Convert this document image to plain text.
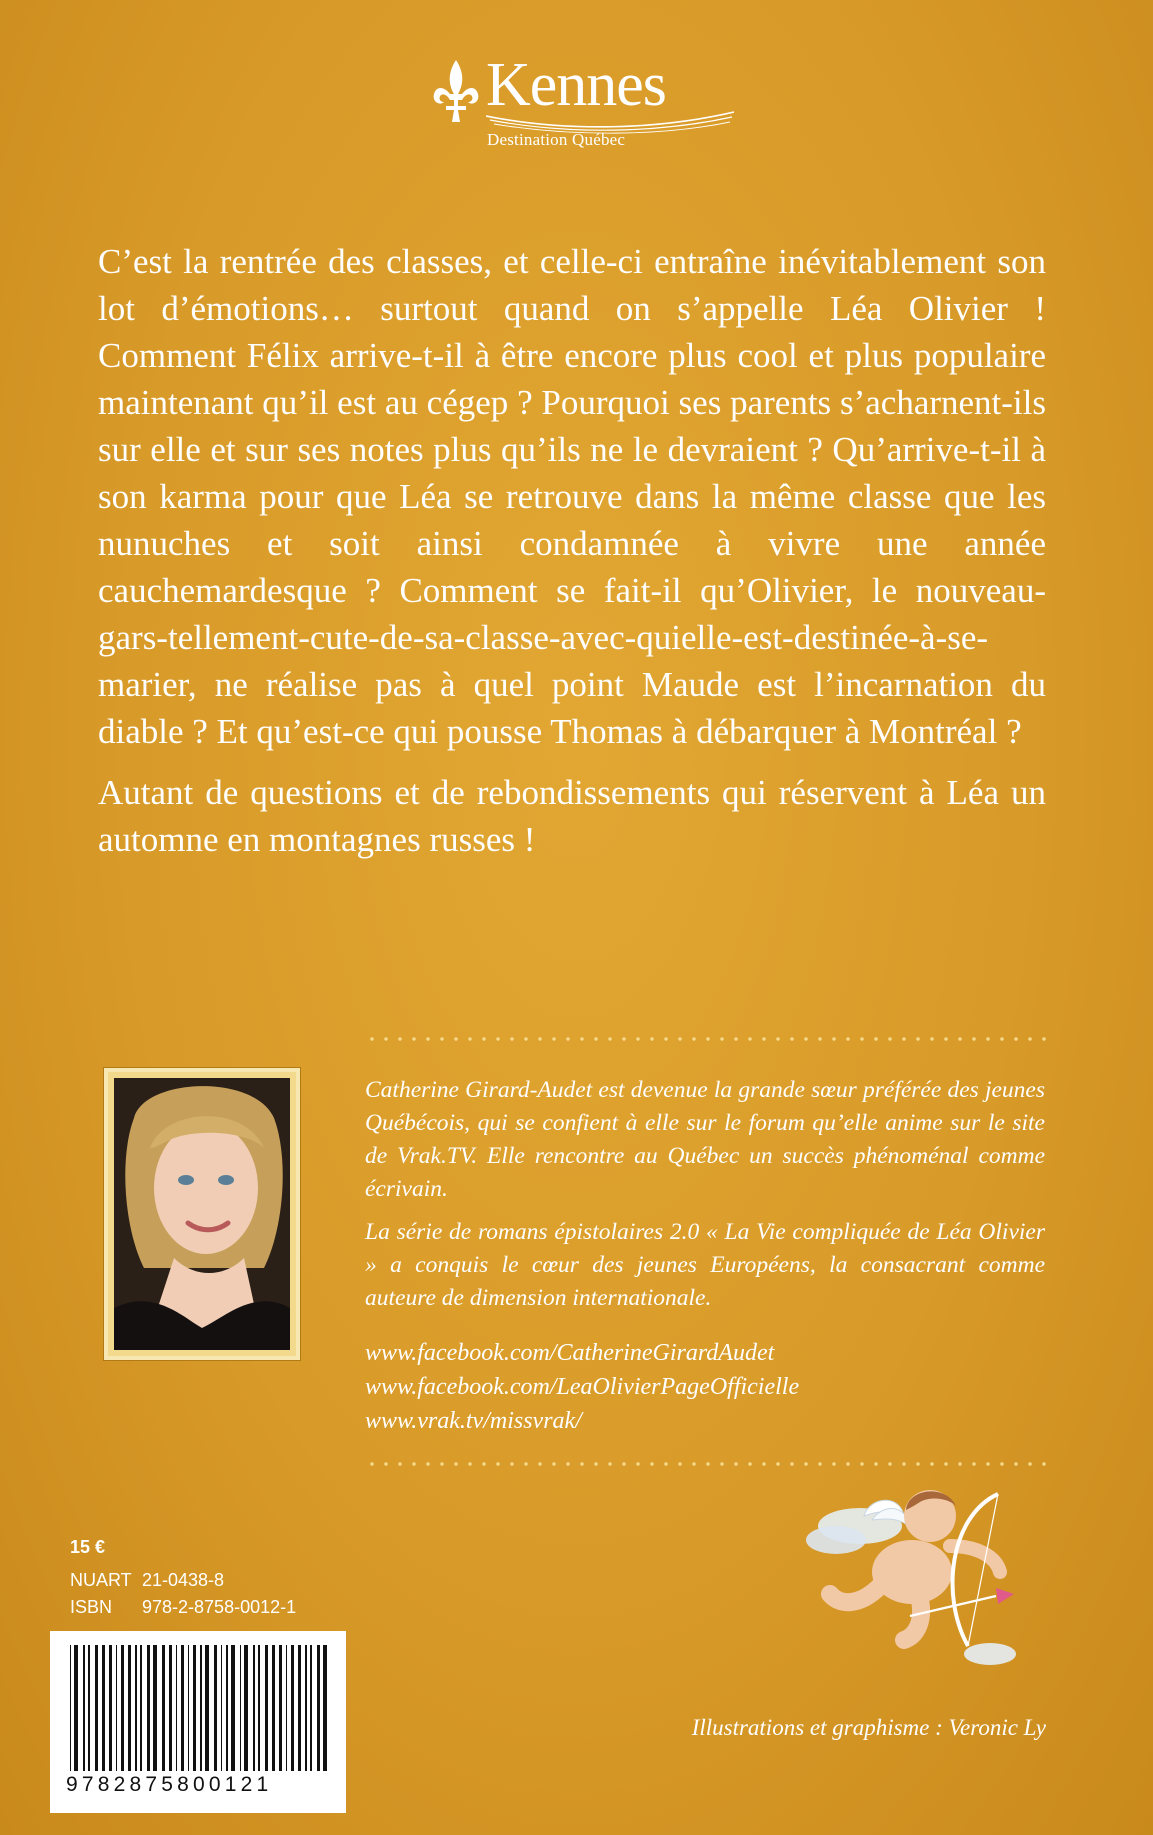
Kennes
Destination Québec

C’est la rentrée des classes, et celle-ci entraîne inévitablement son lot d’émotions… surtout quand on s’appelle Léa Olivier ! Comment Félix arrive-t-il à être encore plus cool et plus populaire maintenant qu’il est au cégep ? Pourquoi ses parents s’acharnent-ils sur elle et sur ses notes plus qu’ils ne le devraient ? Qu’arrive-t-il à son karma pour que Léa se retrouve dans la même classe que les nunuches et soit ainsi condamnée à vivre une année cauchemardesque ? Comment se fait-il qu’Olivier, le nouveau-gars-tellement-cute-de-sa-classe-avec-quielle-est-destinée-à-se-marier, ne réalise pas à quel point Maude est l’incarnation du diable ? Et qu’est-ce qui pousse Thomas à débarquer à Montréal ?

Autant de questions et de rebondissements qui réservent à Léa un automne en montagnes russes !

Catherine Girard-Audet est devenue la grande sœur préférée des jeunes Québécois, qui se confient à elle sur le forum qu’elle anime sur le site de Vrak.TV. Elle rencontre au Québec un succès phénoménal comme écrivain.

La série de romans épistolaires 2.0 « La Vie compliquée de Léa Olivier » a conquis le cœur des jeunes Européens, la consacrant comme auteure de dimension internationale.

www.facebook.com/CatherineGirardAudet
www.facebook.com/LeaOlivierPageOfficielle
www.vrak.tv/missvrak/
15 €
NUART 21-0438-8
ISBN 978-2-8758-0012-1
9782875800121
Illustrations et graphisme : Veronic Ly
